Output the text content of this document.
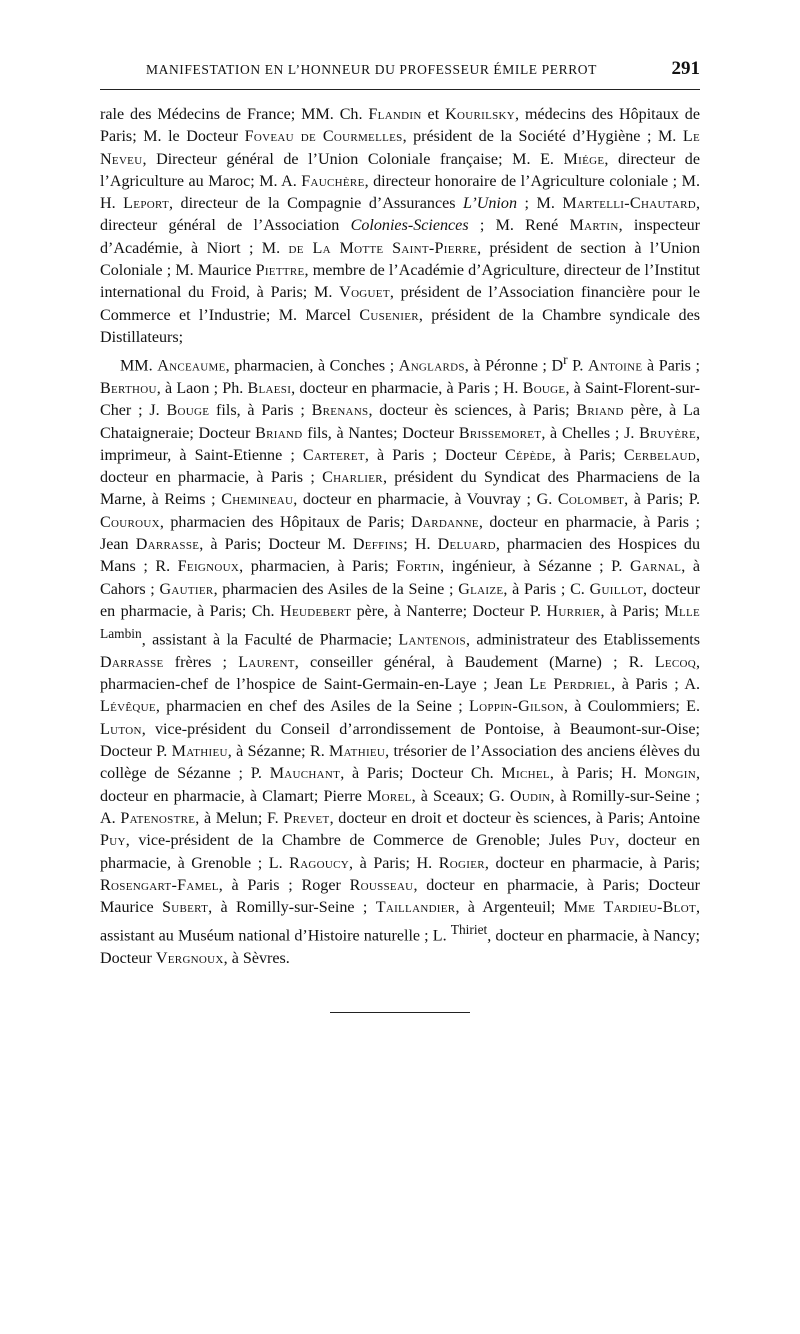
MANIFESTATION EN L’HONNEUR DU PROFESSEUR ÉMILE PERROT	291

rale des Médecins de France; MM. Ch. Flandin et Kourilsky, médecins des Hôpitaux de Paris; M. le Docteur Foveau de Courmelles, président de la Société d’Hygiène ; M. Le Neveu, Directeur général de l’Union Coloniale française; M. E. Miége, directeur de l’Agriculture au Maroc; M. A. Fauchère, directeur honoraire de l’Agriculture coloniale ; M. H. Leport, directeur de la Compagnie d’Assurances L’Union ; M. Martelli-Chautard, directeur général de l’Association Colonies-Sciences ; M. René Martin, inspecteur d’Académie, à Niort ; M. de La Motte Saint-Pierre, président de section à l’Union Coloniale ; M. Maurice Piettre, membre de l’Académie d’Agriculture, directeur de l’Institut international du Froid, à Paris; M. Voguet, président de l’Association financière pour le Commerce et l’Industrie; M. Marcel Cusenier, président de la Chambre syndicale des Distillateurs;

MM. Anceaume, pharmacien, à Conches ; Anglards, à Péronne ; $D^r$ P. Antoine à Paris ; Berthou, à Laon ; Ph. Blaesi, docteur en pharmacie, à Paris ; H. Bouge, à Saint-Florent-sur-Cher ; J. Bouge fils, à Paris ; Brenans, docteur ès sciences, à Paris; Briand père, à La Chataigneraie; Docteur Briand fils, à Nantes; Docteur Brissemoret, à Chelles ; J. Bruyère, imprimeur, à Saint-Etienne ; Carteret, à Paris ; Docteur Cépède, à Paris; Cerbelaud, docteur en pharmacie, à Paris ; Charlier, président du Syndicat des Pharmaciens de la Marne, à Reims ; Chemineau, docteur en pharmacie, à Vouvray ; G. Colombet, à Paris; P. Couroux, pharmacien des Hôpitaux de Paris; Dardanne, docteur en pharmacie, à Paris ; Jean Darrasse, à Paris; Docteur M. Deffins; H. Deluard, pharmacien des Hospices du Mans ; R. Feignoux, pharmacien, à Paris; Fortin, ingénieur, à Sézanne ; P. Garnal, à Cahors ; Gautier, pharmacien des Asiles de la Seine ; Glaize, à Paris ; C. Guillot, docteur en pharmacie, à Paris; Ch. Heudebert père, à Nanterre; Docteur P. Hurrier, à Paris; Mlle $^{Lambin}$, assistant à la Faculté de Pharmacie; Lantenois, administrateur des Etablissements Darrasse frères ; Laurent, conseiller général, à Baudement (Marne) ; R. Lecoq, pharmacien-chef de l’hospice de Saint-Germain-en-Laye ; Jean Le Perdriel, à Paris ; A. Lévêque, pharmacien en chef des Asiles de la Seine ; Loppin-Gilson, à Coulommiers; E. Luton, vice-président du Conseil d’arrondissement de Pontoise, à Beaumont-sur-Oise; Docteur P. Mathieu, à Sézanne; R. Mathieu, trésorier de l’Association des anciens élèves du collège de Sézanne ; P. Mauchant, à Paris; Docteur Ch. Michel, à Paris; H. Mongin, docteur en pharmacie, à Clamart; Pierre Morel, à Sceaux; G. Oudin, à Romilly-sur-Seine ; A. Patenostre, à Melun; F. Prevet, docteur en droit et docteur ès sciences, à Paris; Antoine Puy, vice-président de la Chambre de Commerce de Grenoble; Jules Puy, docteur en pharmacie, à Grenoble ; L. Ragoucy, à Paris; H. Rogier, docteur en pharmacie, à Paris; Rosengart-Famel, à Paris ; Roger Rousseau, docteur en pharmacie, à Paris; Docteur Maurice Subert, à Romilly-sur-Seine ; Taillandier, à Argenteuil; Mme Tardieu-Blot, assistant au Muséum national d’Histoire naturelle ; L. $^{Thiriet}$, docteur en pharmacie, à Nancy; Docteur Vergnoux, à Sèvres.
